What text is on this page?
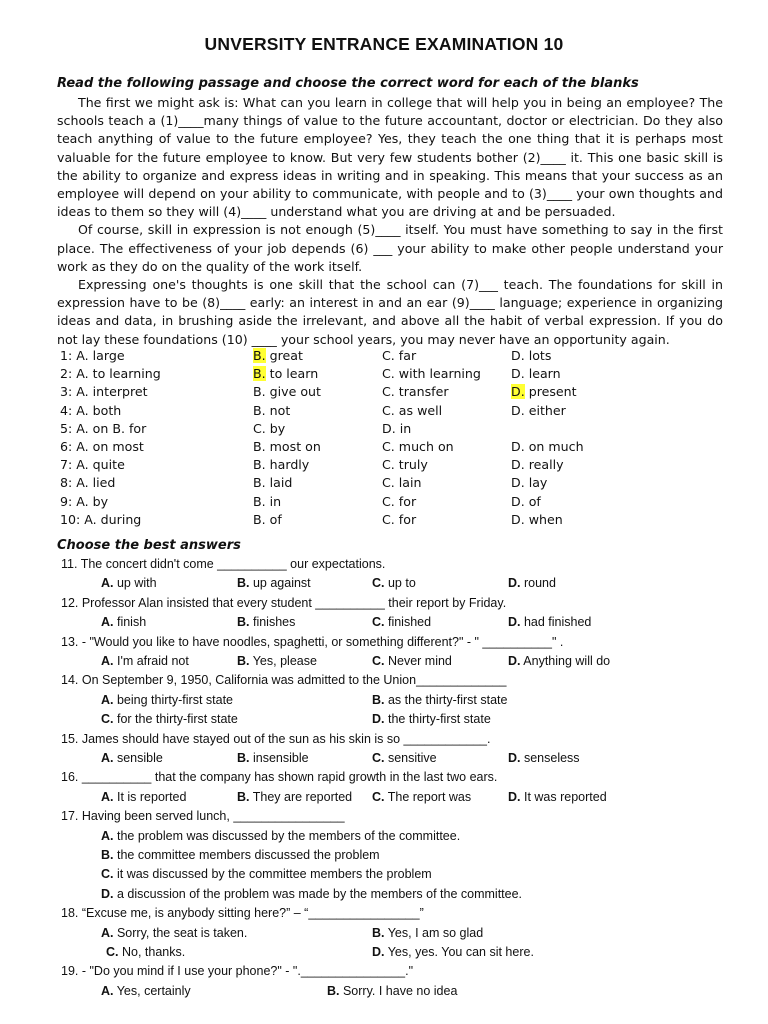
UNVERSITY ENTRANCE EXAMINATION 10
Read the following passage and choose the correct word for each of the blanks

The first we might ask is: What can you learn in college that will help you in being an employee? The schools teach a (1)____many things of value to the future accountant, doctor or electrician. Do they also teach anything of value to the future employee? Yes, they teach the one thing that it is perhaps most valuable for the future employee to know. But very few students bother (2)____ it. This one basic skill is the ability to organize and express ideas in writing and in speaking. This means that your success as an employee will depend on your ability to communicate, with people and to (3)____ your own thoughts and ideas to them so they will (4)____ understand what you are driving at and be persuaded.

Of course, skill in expression is not enough (5)____ itself. You must have something to say in the first place. The effectiveness of your job depends (6) ___ your ability to make other people understand your work as they do on the quality of the work itself.

Expressing one's thoughts is one skill that the school can (7)___ teach. The foundations for skill in expression have to be (8)____ early: an interest in and an ear (9)____ language; experience in organizing ideas and data, in brushing aside the irrelevant, and above all the habit of verbal expression. If you do not lay these foundations (10) ____ your school years, you may never have an opportunity again.

1: A. large	B. great	C. far	D. lots
2: A. to learning	B. to learn	C. with learning D. learn
3: A. interpret	B. give out	C. transfer	D. present
4: A. both	B. not	C. as well	D. either
5: A. on B. for	C. by	D. in
6: A. on most	B. most on	C. much on	D. on much
7: A. quite	B. hardly	C. truly	D. really
8: A. lied	B. laid	C. lain	D. lay
9: A. by	B. in	C. for	D. of
10: A. during	B. of	C. for	D. when
Choose the best answers
11. The concert didn't come __________ our expectations.
A. up with	B. up against	C. up to	D. round
12. Professor Alan insisted that every student __________ their report by Friday.
A. finish	B. finishes	C. finished	D. had finished
13. - "Would you like to have noodles, spaghetti, or something different?" - " __________" .
A. I'm afraid not	B. Yes, please	C. Never mind	D. Anything will do
14. On September 9, 1950, California was admitted to the Union_____________
A. being thirty-first state	B. as the thirty-first state
C. for the thirty-first state	D. the thirty-first state
15. James should have stayed out of the sun as his skin is so ____________.
A. sensible	B. insensible	C. sensitive	D. senseless
16. __________ that the company has shown rapid growth in the last two ears.
A. It is reported	B. They are reported C. The report was	D. It was reported
17. Having been served lunch, ________________
A. the problem was discussed by the members of the committee.
B. the committee members discussed the problem
C. it was discussed by the committee members the problem
D. a discussion of the problem was made by the members of the committee.
18. “Excuse me, is anybody sitting here?” – “________________”
A. Sorry, the seat is taken.	B. Yes, I am so glad
C. No, thanks.	D. Yes, yes. You can sit here.
19. - "Do you mind if I use your phone?" - "._______________."
A. Yes, certainly	B. Sorry. I have no idea
